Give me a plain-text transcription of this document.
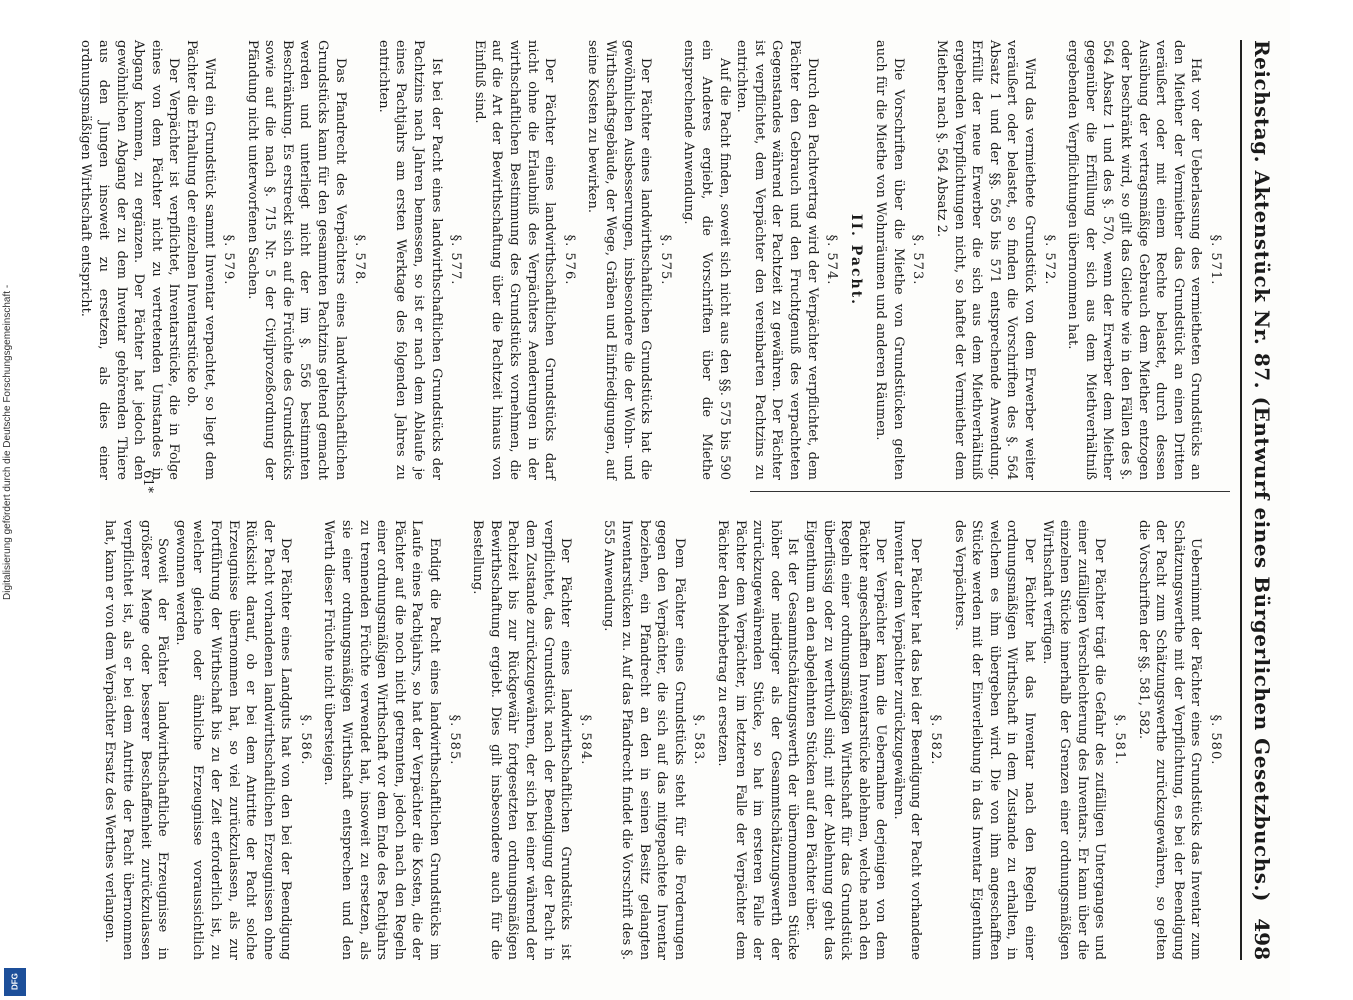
Reichstag. Aktenstück Nr. 87. (Entwurf eines Bürgerlichen Gesetzbuchs.)
498
§. 571.
Hat vor der Ueberlassung des vermietheten Grundstücks an den Miether der Vermiether das Grundstück an einen Dritten veräußert oder mit einem Rechte belastet, durch dessen Ausübung der vertragsmäßige Gebrauch dem Miether entzogen oder beschränkt wird, so gilt das Gleiche wie in den Fällen des §. 564 Absatz 1 und des §. 570, wenn der Erwerber dem Miether gegenüber die Erfüllung der sich aus dem Miethverhältniß ergebenden Verpflichtungen übernommen hat.
§. 572.
Wird das vermiethete Grundstück von dem Erwerber weiter veräußert oder belastet, so finden die Vorschriften des §. 564 Absatz 1 und der §§. 565 bis 571 entsprechende Anwendung. Erfüllt der neue Erwerber die sich aus dem Miethverhältniß ergebenden Verpflichtungen nicht, so haftet der Vermiether dem Miether nach §. 564 Absatz 2.
§. 573.
Die Vorschriften über die Miethe von Grundstücken gelten auch für die Miethe von Wohnräumen und anderen Räumen.
II. Pacht.
§. 574.
Durch den Pachtvertrag wird der Verpächter verpflichtet, dem Pächter den Gebrauch und den Fruchtgenuß des verpachteten Gegenstandes während der Pachtzeit zu gewähren. Der Pächter ist verpflichtet, dem Verpächter den vereinbarten Pachtzins zu entrichten.
Auf die Pacht finden, soweit sich nicht aus den §§. 575 bis 590 ein Anderes ergiebt, die Vorschriften über die Miethe entsprechende Anwendung.
§. 575.
Der Pächter eines landwirthschaftlichen Grundstücks hat die gewöhnlichen Ausbesserungen, insbesondere die der Wohn- und Wirthschaftsgebäude, der Wege, Gräben und Einfriedigungen, auf seine Kosten zu bewirken.
§. 576.
Der Pächter eines landwirthschaftlichen Grundstücks darf nicht ohne die Erlaubniß des Verpächters Aenderungen in der wirthschaftlichen Bestimmung des Grundstücks vornehmen, die auf die Art der Bewirthschaftung über die Pachtzeit hinaus von Einfluß sind.
§. 577.
Ist bei der Pacht eines landwirthschaftlichen Grundstücks der Pachtzins nach Jahren bemessen, so ist er nach dem Ablaufe je eines Pachtjahrs am ersten Werktage des folgenden Jahres zu entrichten.
§. 578.
Das Pfandrecht des Verpächters eines landwirthschaftlichen Grundstücks kann für den gesammten Pachtzins geltend gemacht werden und unterliegt nicht der im §. 556 bestimmten Beschränkung. Es erstreckt sich auf die Früchte des Grundstücks sowie auf die nach §. 715 Nr. 5 der Civilprozeßordnung der Pfändung nicht unterworfenen Sachen.
§. 579.
Wird ein Grundstück sammt Inventar verpachtet, so liegt dem Pächter die Erhaltung der einzelnen Inventarstücke ob.
Der Verpächter ist verpflichtet, Inventarstücke, die in Folge eines von dem Pächter nicht zu vertretenden Umstandes in Abgang kommen, zu ergänzen. Der Pächter hat jedoch den gewöhnlichen Abgang der zu dem Inventar gehörenden Thiere aus den Jungen insoweit zu ersetzen, als dies einer ordnungsmäßigen Wirthschaft entspricht.
§. 580.
Uebernimmt der Pächter eines Grundstücks das Inventar zum Schätzungswerthe mit der Verpflichtung, es bei der Beendigung der Pacht zum Schätzungswerthe zurückzugewähren, so gelten die Vorschriften der §§. 581, 582.
§. 581.
Der Pächter trägt die Gefahr des zufälligen Unterganges und einer zufälligen Verschlechterung des Inventars. Er kann über die einzelnen Stücke innerhalb der Grenzen einer ordnungsmäßigen Wirthschaft verfügen.
Der Pächter hat das Inventar nach den Regeln einer ordnungsmäßigen Wirthschaft in dem Zustande zu erhalten, in welchem es ihm übergeben wird. Die von ihm angeschafften Stücke werden mit der Einverleibung in das Inventar Eigenthum des Verpächters.
§. 582.
Der Pächter hat das bei der Beendigung der Pacht vorhandene Inventar dem Verpächter zurückzugewähren.
Der Verpächter kann die Uebernahme derjenigen von dem Pächter angeschafften Inventarstücke ablehnen, welche nach den Regeln einer ordnungsmäßigen Wirthschaft für das Grundstück überflüssig oder zu werthvoll sind; mit der Ablehnung geht das Eigenthum an den abgelehnten Stücken auf den Pächter über.
Ist der Gesammtschätzungswerth der übernommenen Stücke höher oder niedriger als der Gesammtschätzungswerth der zurückzugewährenden Stücke, so hat im ersteren Falle der Pächter dem Verpächter, im letzteren Falle der Verpächter dem Pächter den Mehrbetrag zu ersetzen.
§. 583.
Dem Pächter eines Grundstücks steht für die Forderungen gegen den Verpächter, die sich auf das mitgepachtete Inventar beziehen, ein Pfandrecht an den in seinen Besitz gelangten Inventarstücken zu. Auf das Pfandrecht findet die Vorschrift des §. 555 Anwendung.
§. 584.
Der Pächter eines landwirthschaftlichen Grundstücks ist verpflichtet, das Grundstück nach der Beendigung der Pacht in dem Zustande zurückzugewähren, der sich bei einer während der Pachtzeit bis zur Rückgewähr fortgesetzten ordnungsmäßigen Bewirthschaftung ergiebt. Dies gilt insbesondere auch für die Bestellung.
§. 585.
Endigt die Pacht eines landwirthschaftlichen Grundstücks im Laufe eines Pachtjahrs, so hat der Verpächter die Kosten, die der Pächter auf die noch nicht getrennten, jedoch nach den Regeln einer ordnungsmäßigen Wirthschaft vor dem Ende des Pachtjahrs zu trennenden Früchte verwendet hat, insoweit zu ersetzen, als sie einer ordnungsmäßigen Wirthschaft entsprechen und den Werth dieser Früchte nicht übersteigen.
§. 586.
Der Pächter eines Landguts hat von den bei der Beendigung der Pacht vorhandenen landwirthschaftlichen Erzeugnissen ohne Rücksicht darauf, ob er bei dem Antritte der Pacht solche Erzeugnisse übernommen hat, so viel zurückzulassen, als zur Fortführung der Wirthschaft bis zu der Zeit erforderlich ist, zu welcher gleiche oder ähnliche Erzeugnisse voraussichtlich gewonnen werden.
Soweit der Pächter landwirthschaftliche Erzeugnisse in größerer Menge oder besserer Beschaffenheit zurückzulassen verpflichtet ist, als er bei dem Antritte der Pacht übernommen hat, kann er von dem Verpächter Ersatz des Werthes verlangen.
61*
Digitalisierung gefördert durch die Deutsche Forschungsgemeinschaft -
DFG
